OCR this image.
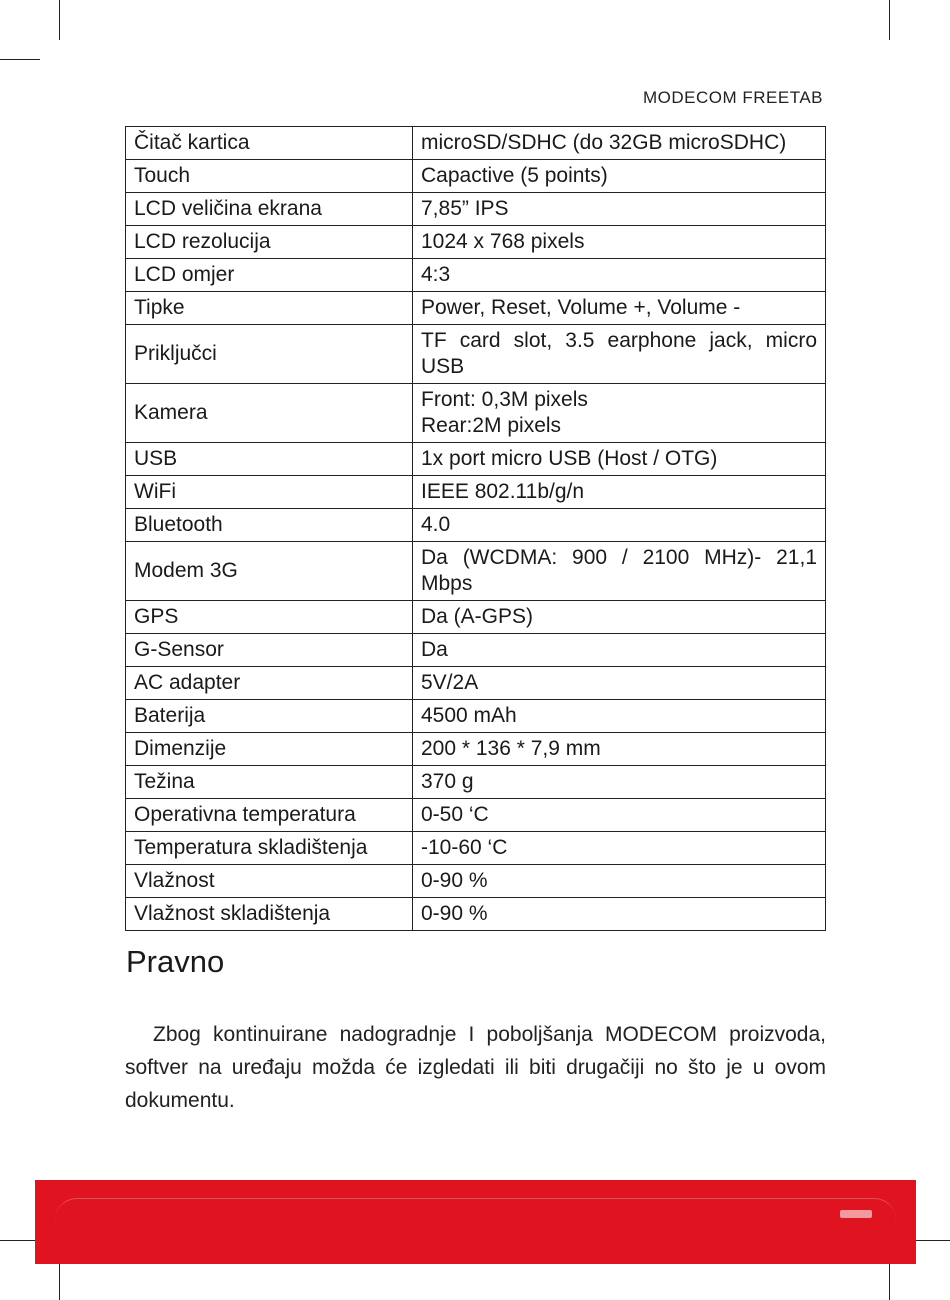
MODECOM FREETAB
Čitač kartica	microSD/SDHC (do 32GB microSDHC)
Touch	Capactive (5 points)
LCD veličina ekrana	7,85” IPS
LCD rezolucija	1024 x 768 pixels
LCD omjer	4:3
Tipke	Power, Reset, Volume +, Volume -
Priključci	TF card slot, 3.5 earphone jack, micro USB
Kamera	Front: 0,3M pixels
Rear:2M pixels
USB	1x port micro USB (Host / OTG)
WiFi	IEEE 802.11b/g/n
Bluetooth	4.0
Modem 3G	Da (WCDMA: 900 / 2100 MHz)- 21,1 Mbps
GPS	Da (A-GPS)
G-Sensor	Da
AC adapter	5V/2A
Baterija	4500 mAh
Dimenzije	200 * 136 * 7,9 mm
Težina	370 g
Operativna temperatura	0-50 ‘C
Temperatura skladištenja	-10-60 ‘C
Vlažnost	0-90 %
Vlažnost skladištenja	0-90 %
Pravno

Zbog kontinuirane nadogradnje I poboljšanja MODECOM proizvoda, softver na uređaju možda će izgledati ili biti drugačiji no što je u ovom dokumentu.
